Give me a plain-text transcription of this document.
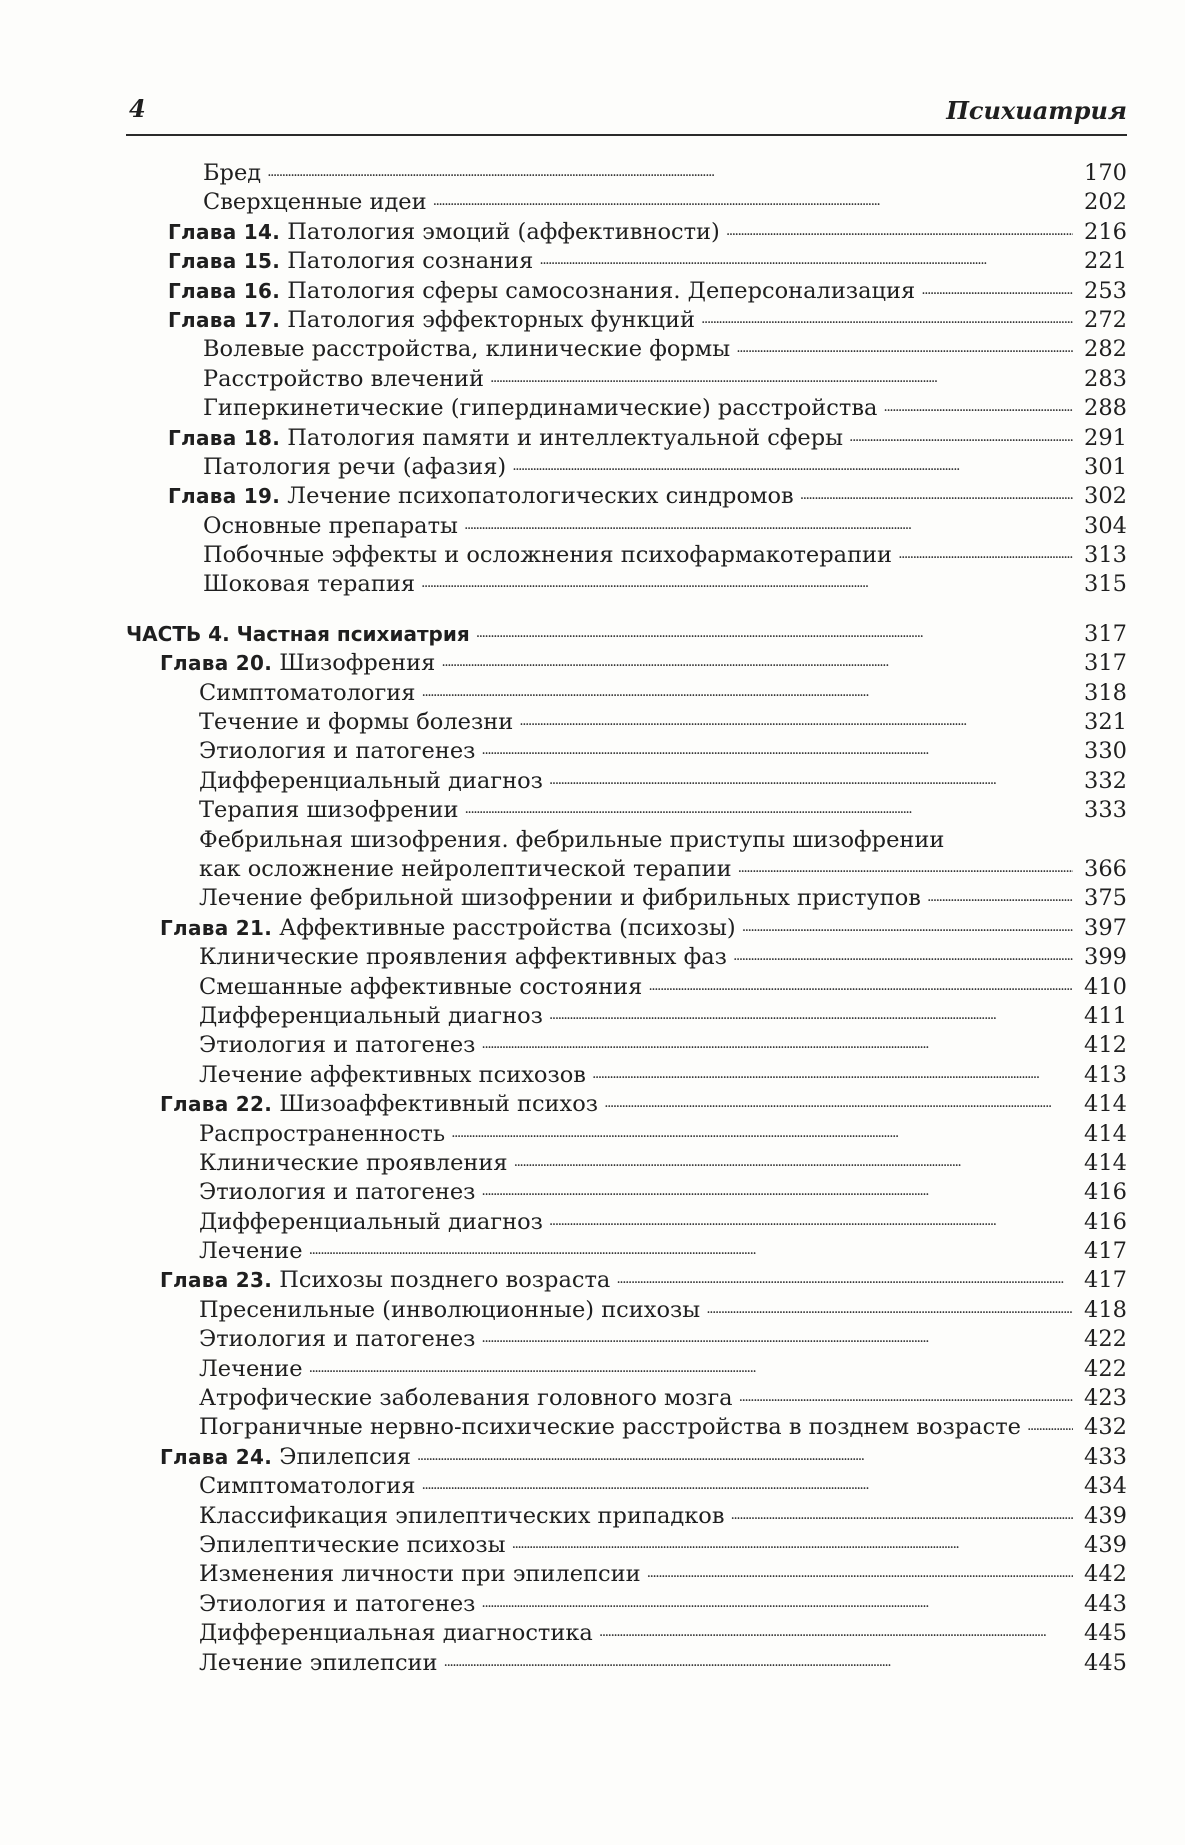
4	Психиатрия
Бред . . .	170
Сверхценные идеи . . .	202
Глава 14. Патология эмоций (аффективности) . . .	216
Глава 15. Патология сознания . . .	221
Глава 16. Патология сферы самосознания. Деперсонализация . . .	253
Глава 17. Патология эффекторных функций . . .	272
Волевые расстройства, клинические формы . . .	282
Расстройство влечений . . .	283
Гиперкинетические (гипердинамические) расстройства . . .	288
Глава 18. Патология памяти и интеллектуальной сферы . . .	291
Патология речи (афазия) . . .	301
Глава 19. Лечение психопатологических синдромов . . .	302
Основные препараты . . .	304
Побочные эффекты и осложнения психофармакотерапии . . .	313
Шоковая терапия . . .	315
ЧАСТЬ 4. Частная психиатрия . . .	317
Глава 20. Шизофрения . . .	317
Симптоматология . . .	318
Течение и формы болезни . . .	321
Этиология и патогенез . . .	330
Дифференциальный диагноз . . .	332
Терапия шизофрении . . .	333
Фебрильная шизофрения. фебрильные приступы шизофрении
как осложнение нейролептической терапии . . .	366
Лечение фебрильной шизофрении и фибрильных приступов . . .	375
Глава 21. Аффективные расстройства (психозы) . . .	397
Клинические проявления аффективных фаз . . .	399
Смешанные аффективные состояния . . .	410
Дифференциальный диагноз . . .	411
Этиология и патогенез . . .	412
Лечение аффективных психозов . . .	413
Глава 22. Шизоаффективный психоз . . .	414
Распространенность . . .	414
Клинические проявления . . .	414
Этиология и патогенез . . .	416
Дифференциальный диагноз . . .	416
Лечение . . .	417
Глава 23. Психозы позднего возраста . . .	417
Пресенильные (инволюционные) психозы . . .	418
Этиология и патогенез . . .	422
Лечение . . .	422
Атрофические заболевания головного мозга . . .	423
Пограничные нервно-психические расстройства в позднем возрасте . . .	432
Глава 24. Эпилепсия . . .	433
Симптоматология . . .	434
Классификация эпилептических припадков . . .	439
Эпилептические психозы . . .	439
Изменения личности при эпилепсии . . .	442
Этиология и патогенез . . .	443
Дифференциальная диагностика . . .	445
Лечение эпилепсии . . .	445
